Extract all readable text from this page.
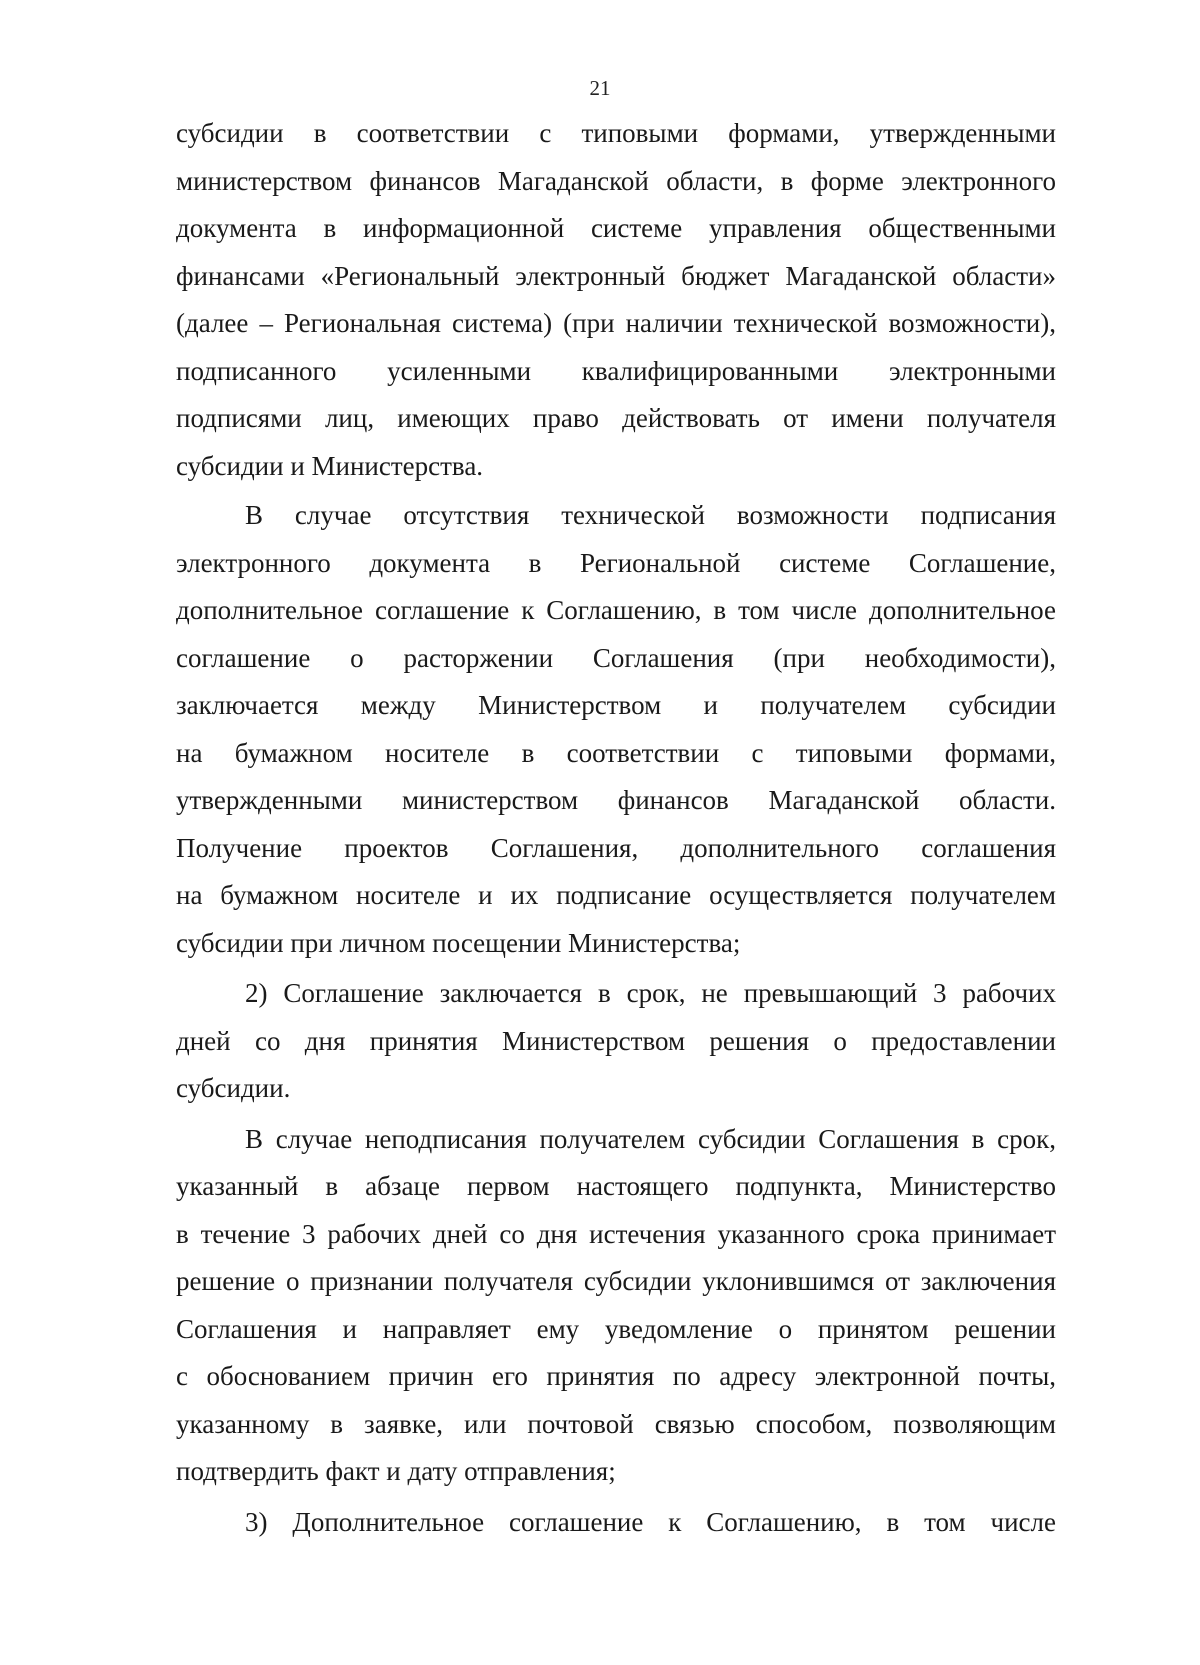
21
субсидии в соответствии с типовыми формами, утвержденными
министерством финансов Магаданской области, в форме электронного
документа в информационной системе управления общественными
финансами «Региональный электронный бюджет Магаданской области»
(далее – Региональная система) (при наличии технической возможности),
подписанного усиленными квалифицированными электронными
подписями лиц, имеющих право действовать от имени получателя
субсидии и Министерства.
В случае отсутствия технической возможности подписания
электронного документа в Региональной системе Соглашение,
дополнительное соглашение к Соглашению, в том числе дополнительное
соглашение о расторжении Соглашения (при необходимости),
заключается между Министерством и получателем субсидии
на бумажном носителе в соответствии с типовыми формами,
утвержденными министерством финансов Магаданской области.
Получение проектов Соглашения, дополнительного соглашения
на бумажном носителе и их подписание осуществляется получателем
субсидии при личном посещении Министерства;
2) Соглашение заключается в срок, не превышающий 3 рабочих
дней со дня принятия Министерством решения о предоставлении
субсидии.
В случае неподписания получателем субсидии Соглашения в срок,
указанный в абзаце первом настоящего подпункта, Министерство
в течение 3 рабочих дней со дня истечения указанного срока принимает
решение о признании получателя субсидии уклонившимся от заключения
Соглашения и направляет ему уведомление о принятом решении
с обоснованием причин его принятия по адресу электронной почты,
указанному в заявке, или почтовой связью способом, позволяющим
подтвердить факт и дату отправления;
3) Дополнительное соглашение к Соглашению, в том числе
